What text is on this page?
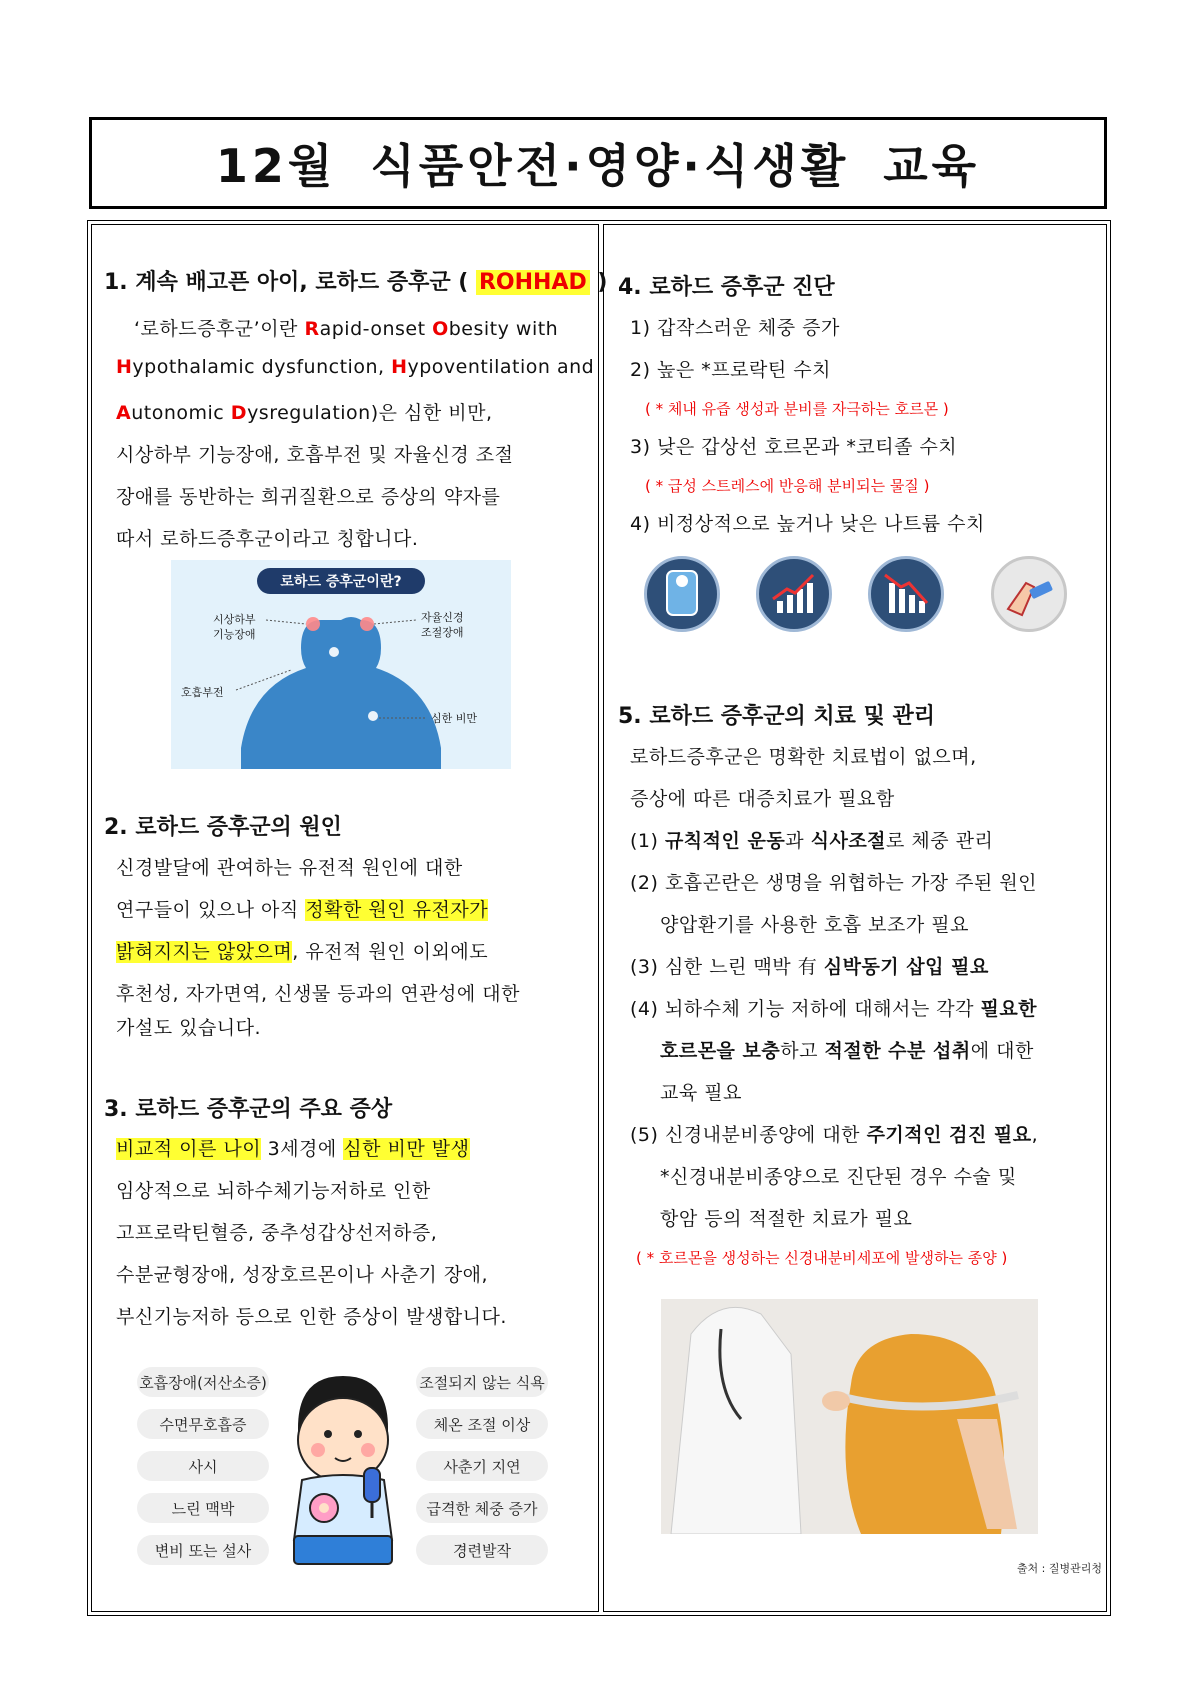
12월 식품안전·영양·식생활 교육
1. 계속 배고픈 아이, 로하드 증후군 ( ROHHAD )
‘로하드증후군’이란 Rapid-onset Obesity with
Hypothalamic dysfunction, Hypoventilation and
Autonomic Dysregulation)은 심한 비만,
시상하부 기능장애, 호흡부전 및 자율신경 조절
장애를 동반하는 희귀질환으로 증상의 약자를
따서 로하드증후군이라고 칭합니다.
로하드 증후군이란?
시상하부
기능장애
자율신경
조절장애
호흡부전
심한 비만
2. 로하드 증후군의 원인
신경발달에 관여하는 유전적 원인에 대한
연구들이 있으나 아직 정확한 원인 유전자가
밝혀지지는 않았으며, 유전적 원인 이외에도
후천성, 자가면역, 신생물 등과의 연관성에 대한
가설도 있습니다.
3. 로하드 증후군의 주요 증상
비교적 이른 나이 3세경에 심한 비만 발생
임상적으로 뇌하수체기능저하로 인한
고프로락틴혈증, 중추성갑상선저하증,
수분균형장애, 성장호르몬이나 사춘기 장애,
부신기능저하 등으로 인한 증상이 발생합니다.
호흡장애(저산소증)
수면무호흡증
사시
느린 맥박
변비 또는 설사
조절되지 않는 식욕
체온 조절 이상
사춘기 지연
급격한 체중 증가
경련발작
4. 로하드 증후군 진단
1) 갑작스러운 체중 증가
2) 높은 *프로락틴 수치
( * 체내 유즙 생성과 분비를 자극하는 호르몬 )
3) 낮은 갑상선 호르몬과 *코티졸 수치
( * 급성 스트레스에 반응해 분비되는 물질 )
4) 비정상적으로 높거나 낮은 나트륨 수치
5. 로하드 증후군의 치료 및 관리
로하드증후군은 명확한 치료법이 없으며,
증상에 따른 대증치료가 필요함
(1) 규칙적인 운동과 식사조절로 체중 관리
(2) 호흡곤란은 생명을 위협하는 가장 주된 원인
양압환기를 사용한 호흡 보조가 필요
(3) 심한 느린 맥박 有 심박동기 삽입 필요
(4) 뇌하수체 기능 저하에 대해서는 각각 필요한
호르몬을 보충하고 적절한 수분 섭취에 대한
교육 필요
(5) 신경내분비종양에 대한 주기적인 검진 필요,
*신경내분비종양으로 진단된 경우 수술 및
항암 등의 적절한 치료가 필요
( * 호르몬을 생성하는 신경내분비세포에 발생하는 종양 )
출처 : 질병관리청
